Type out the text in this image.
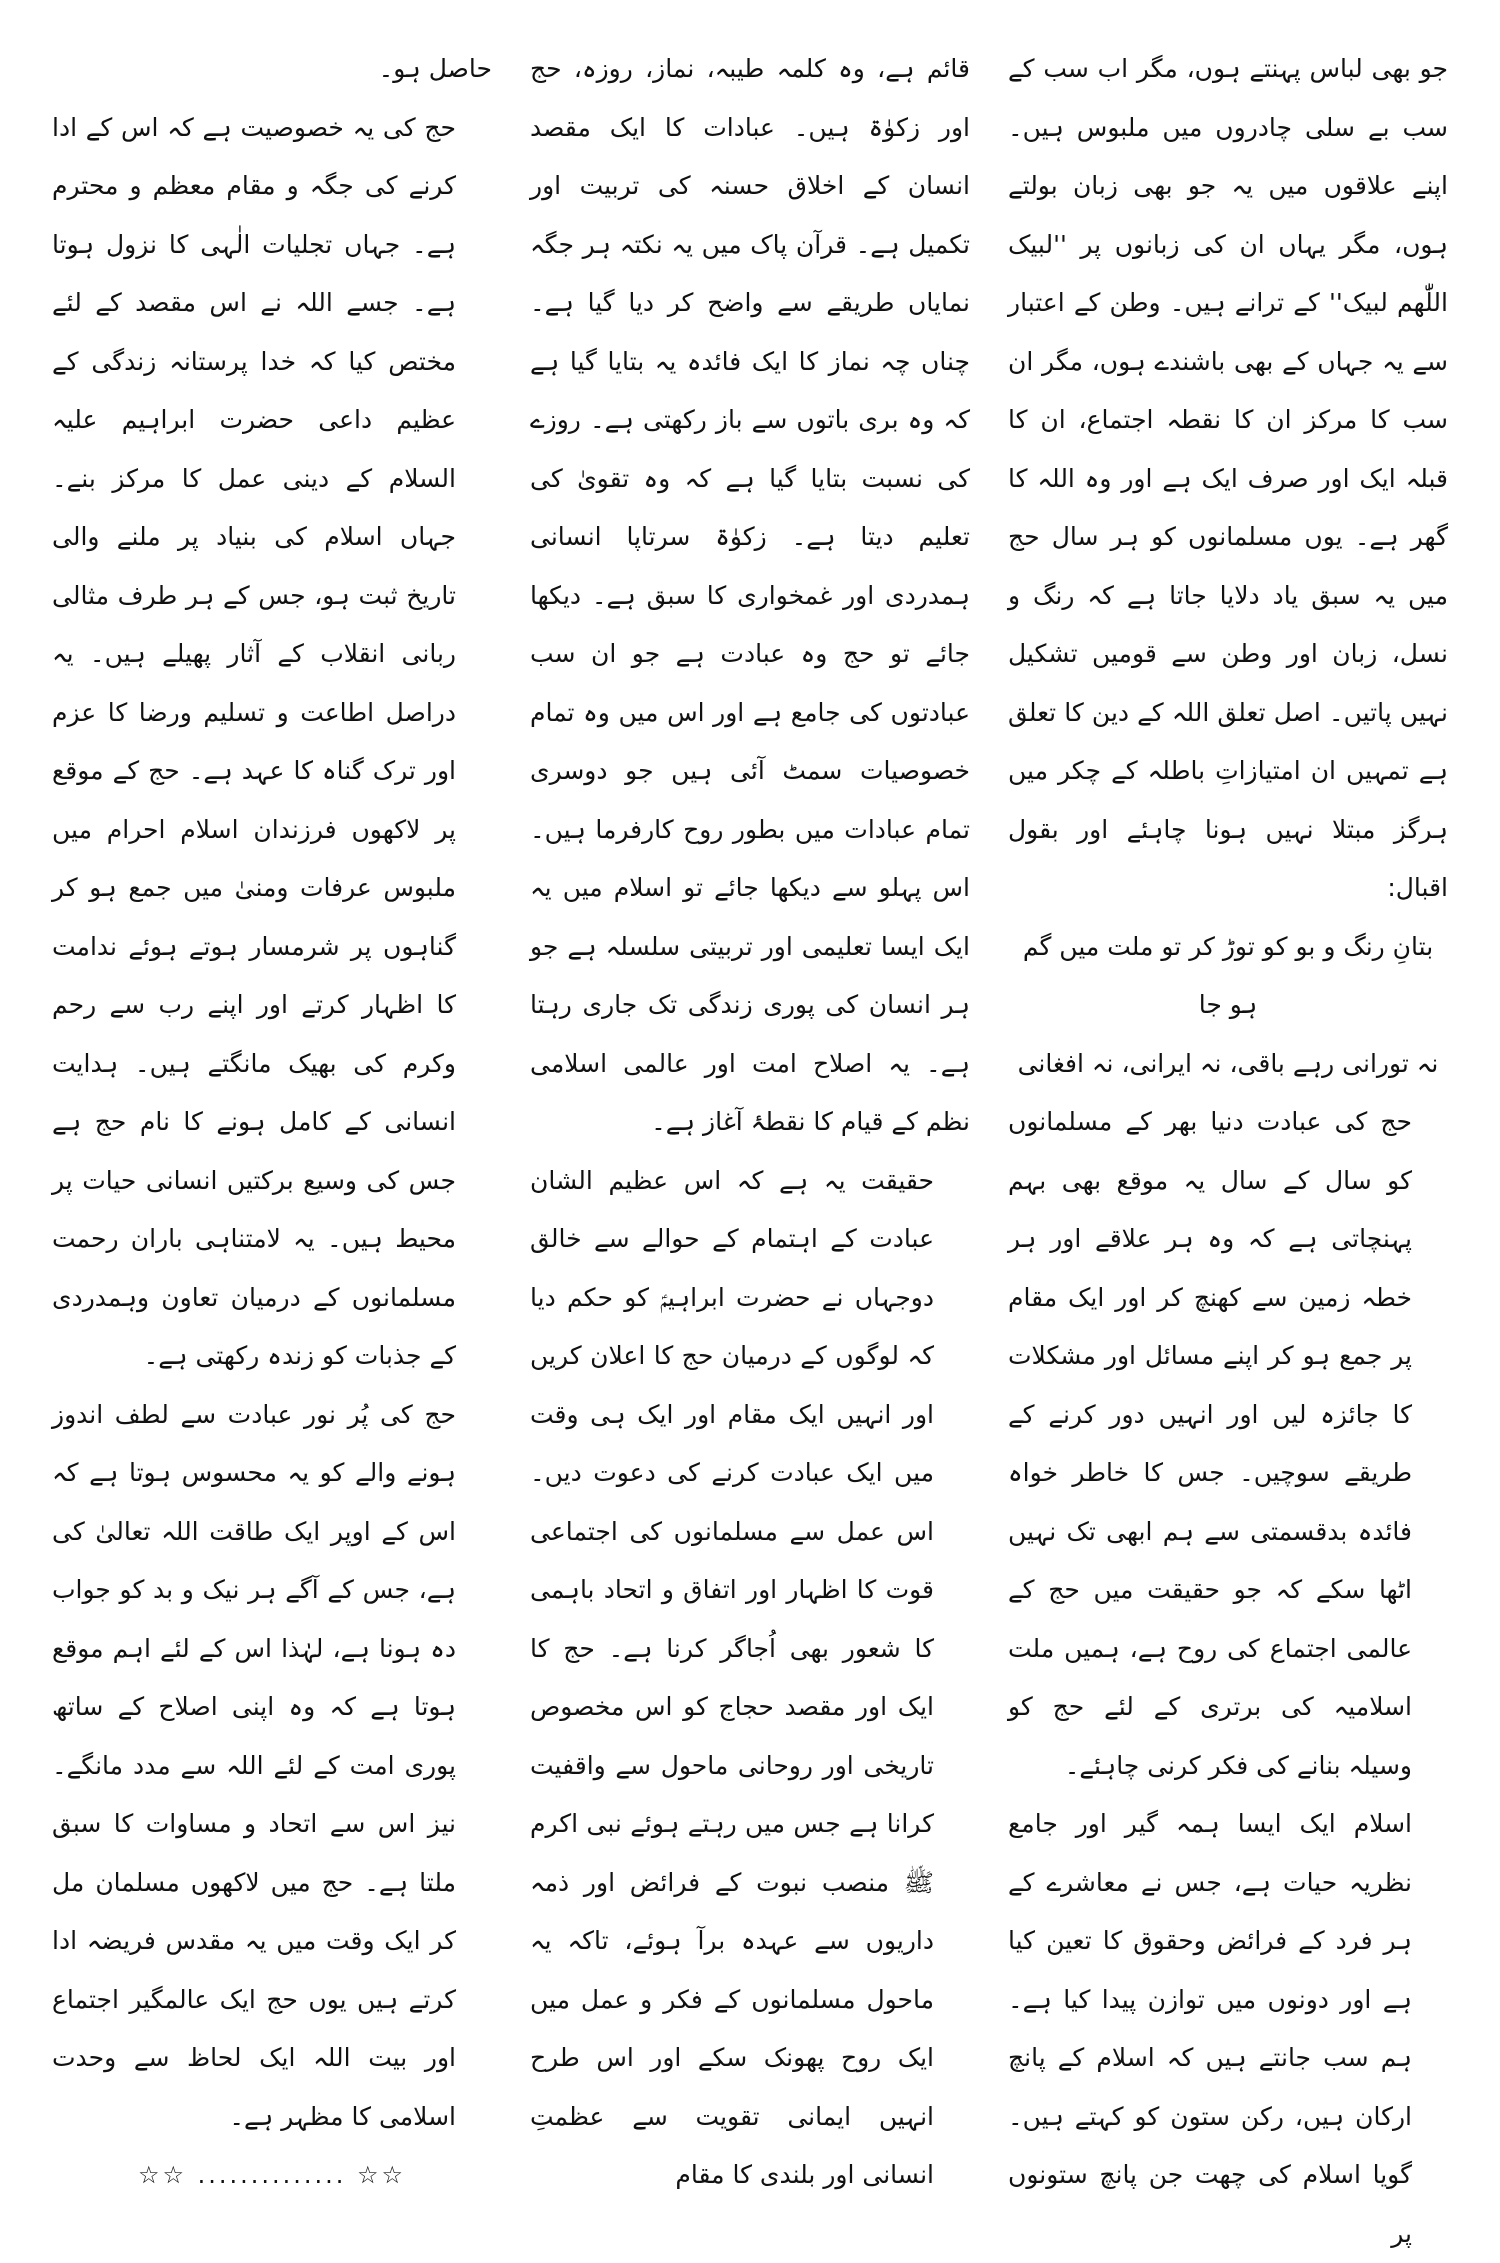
جو بھی لباس پہنتے ہوں، مگر اب سب کے سب بے سلی چادروں میں ملبوس ہیں۔ اپنے علاقوں میں یہ جو بھی زبان بولتے ہوں، مگر یہاں ان کی زبانوں پر ''لبیک اللّٰھم لبیک'' کے ترانے ہیں۔ وطن کے اعتبار سے یہ جہاں کے بھی باشندے ہوں، مگر ان سب کا مرکز ان کا نقطہ اجتماع، ان کا قبلہ ایک اور صرف ایک ہے اور وہ اللہ کا گھر ہے۔ یوں مسلمانوں کو ہر سال حج میں یہ سبق یاد دلایا جاتا ہے کہ رنگ و نسل، زبان اور وطن سے قومیں تشکیل نہیں پاتیں۔ اصل تعلق اللہ کے دین کا تعلق ہے تمہیں ان امتیازاتِ باطلہ کے چکر میں ہرگز مبتلا نہیں ہونا چاہئے اور بقول اقبال:

بتانِ رنگ و بو کو توڑ کر تو ملت میں گم ہو جا
نہ تورانی رہے باقی، نہ ایرانی، نہ افغانی

حج کی عبادت دنیا بھر کے مسلمانوں کو سال کے سال یہ موقع بھی بہم پہنچاتی ہے کہ وہ ہر علاقے اور ہر خطہ زمین سے کھنچ کر اور ایک مقام پر جمع ہو کر اپنے مسائل اور مشکلات کا جائزہ لیں اور انہیں دور کرنے کے طریقے سوچیں۔ جس کا خاطر خواہ فائدہ بدقسمتی سے ہم ابھی تک نہیں اٹھا سکے کہ جو حقیقت میں حج کے عالمی اجتماع کی روح ہے، ہمیں ملت اسلامیہ کی برتری کے لئے حج کو وسیلہ بنانے کی فکر کرنی چاہئے۔

اسلام ایک ایسا ہمہ گیر اور جامع نظریہ حیات ہے، جس نے معاشرے کے ہر فرد کے فرائض وحقوق کا تعین کیا ہے اور دونوں میں توازن پیدا کیا ہے۔ ہم سب جانتے ہیں کہ اسلام کے پانچ ارکان ہیں، رکن ستون کو کہتے ہیں۔ گویا اسلام کی چھت جن پانچ ستونوں پر

قائم ہے، وہ کلمہ طیبہ، نماز، روزہ، حج اور زکوٰۃ ہیں۔ عبادات کا ایک مقصد انسان کے اخلاق حسنہ کی تربیت اور تکمیل ہے۔ قرآن پاک میں یہ نکتہ ہر جگہ نمایاں طریقے سے واضح کر دیا گیا ہے۔ چناں چہ نماز کا ایک فائدہ یہ بتایا گیا ہے کہ وہ بری باتوں سے باز رکھتی ہے۔ روزے کی نسبت بتایا گیا ہے کہ وہ تقویٰ کی تعلیم دیتا ہے۔ زکوٰۃ سرتاپا انسانی ہمدردی اور غمخواری کا سبق ہے۔ دیکھا جائے تو حج وہ عبادت ہے جو ان سب عبادتوں کی جامع ہے اور اس میں وہ تمام خصوصیات سمٹ آئی ہیں جو دوسری تمام عبادات میں بطور روح کارفرما ہیں۔ اس پہلو سے دیکھا جائے تو اسلام میں یہ ایک ایسا تعلیمی اور تربیتی سلسلہ ہے جو ہر انسان کی پوری زندگی تک جاری رہتا ہے۔ یہ اصلاح امت اور عالمی اسلامی نظم کے قیام کا نقطۂ آغاز ہے۔

حقیقت یہ ہے کہ اس عظیم الشان عبادت کے اہتمام کے حوالے سے خالق دوجہاں نے حضرت ابراہیمؑ کو حکم دیا کہ لوگوں کے درمیان حج کا اعلان کریں اور انہیں ایک مقام اور ایک ہی وقت میں ایک عبادت کرنے کی دعوت دیں۔ اس عمل سے مسلمانوں کی اجتماعی قوت کا اظہار اور اتفاق و اتحاد باہمی کا شعور بھی اُجاگر کرنا ہے۔ حج کا ایک اور مقصد حجاج کو اس مخصوص تاریخی اور روحانی ماحول سے واقفیت کرانا ہے جس میں رہتے ہوئے نبی اکرم ﷺ منصب نبوت کے فرائض اور ذمہ داریوں سے عہدہ برآ ہوئے، تاکہ یہ ماحول مسلمانوں کے فکر و عمل میں ایک روح پھونک سکے اور اس طرح انہیں ایمانی تقویت سے عظمتِ انسانی اور بلندی کا مقام

حاصل ہو۔

حج کی یہ خصوصیت ہے کہ اس کے ادا کرنے کی جگہ و مقام معظم و محترم ہے۔ جہاں تجلیات الٰہی کا نزول ہوتا ہے۔ جسے اللہ نے اس مقصد کے لئے مختص کیا کہ خدا پرستانہ زندگی کے عظیم داعی حضرت ابراہیم علیہ السلام کے دینی عمل کا مرکز بنے۔ جہاں اسلام کی بنیاد پر ملنے والی تاریخ ثبت ہو، جس کے ہر طرف مثالی ربانی انقلاب کے آثار پھیلے ہیں۔ یہ دراصل اطاعت و تسلیم ورضا کا عزم اور ترک گناہ کا عہد ہے۔ حج کے موقع پر لاکھوں فرزندان اسلام احرام میں ملبوس عرفات ومنیٰ میں جمع ہو کر گناہوں پر شرمسار ہوتے ہوئے ندامت کا اظہار کرتے اور اپنے رب سے رحم وکرم کی بھیک مانگتے ہیں۔ ہدایت انسانی کے کامل ہونے کا نام حج ہے جس کی وسیع برکتیں انسانی حیات پر محیط ہیں۔ یہ لامتناہی باران رحمت مسلمانوں کے درمیان تعاون وہمدردی کے جذبات کو زندہ رکھتی ہے۔

حج کی پُر نور عبادت سے لطف اندوز ہونے والے کو یہ محسوس ہوتا ہے کہ اس کے اوپر ایک طاقت اللہ تعالیٰ کی ہے، جس کے آگے ہر نیک و بد کو جواب دہ ہونا ہے، لہٰذا اس کے لئے اہم موقع ہوتا ہے کہ وہ اپنی اصلاح کے ساتھ پوری امت کے لئے اللہ سے مدد مانگے۔ نیز اس سے اتحاد و مساوات کا سبق ملتا ہے۔ حج میں لاکھوں مسلمان مل کر ایک وقت میں یہ مقدس فریضہ ادا کرتے ہیں یوں حج ایک عالمگیر اجتماع اور بیت اللہ ایک لحاظ سے وحدت اسلامی کا مظہر ہے۔

☆☆ .............. ☆☆
